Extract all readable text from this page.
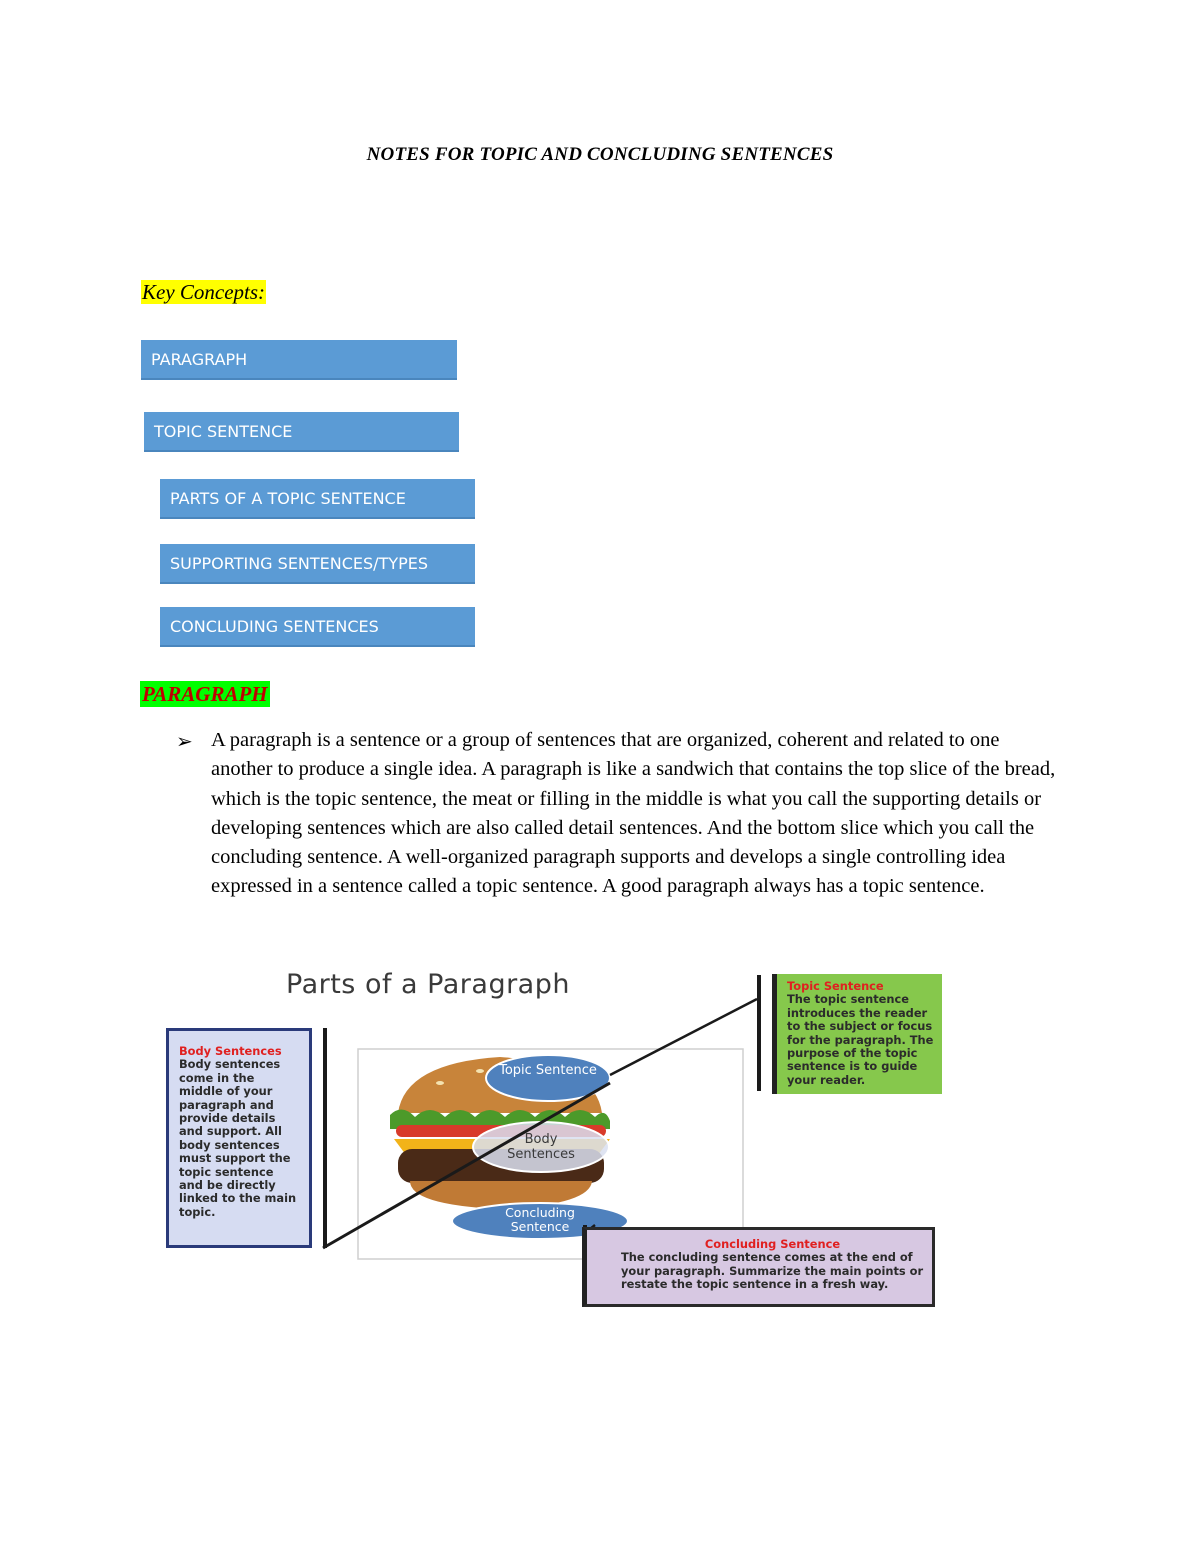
NOTES FOR TOPIC AND CONCLUDING SENTENCES
Key Concepts:
PARAGRAPH
TOPIC SENTENCE
PARTS OF A TOPIC SENTENCE
SUPPORTING SENTENCES/TYPES
CONCLUDING SENTENCES
PARAGRAPH
➢ A paragraph is a sentence or a group of sentences that are organized, coherent and related to one another to produce a single idea. A paragraph is like a sandwich that contains the top slice of the bread, which is the topic sentence, the meat or filling in the middle is what you call the supporting details or developing sentences which are also called detail sentences. And the bottom slice which you call the concluding sentence. A well-organized paragraph supports and develops a single controlling idea expressed in a sentence called a topic sentence. A good paragraph always has a topic sentence.
Parts of a Paragraph
Topic Sentence
Body Sentences
Concluding Sentence
Body Sentences
Body sentences come in the middle of your paragraph and provide details and support. All body sentences must support the topic sentence and be directly linked to the main topic.
Topic Sentence
The topic sentence introduces the reader to the subject or focus for the paragraph. The purpose of the topic sentence is to guide your reader.
Concluding Sentence
The concluding sentence comes at the end of your paragraph. Summarize the main points or restate the topic sentence in a fresh way.
